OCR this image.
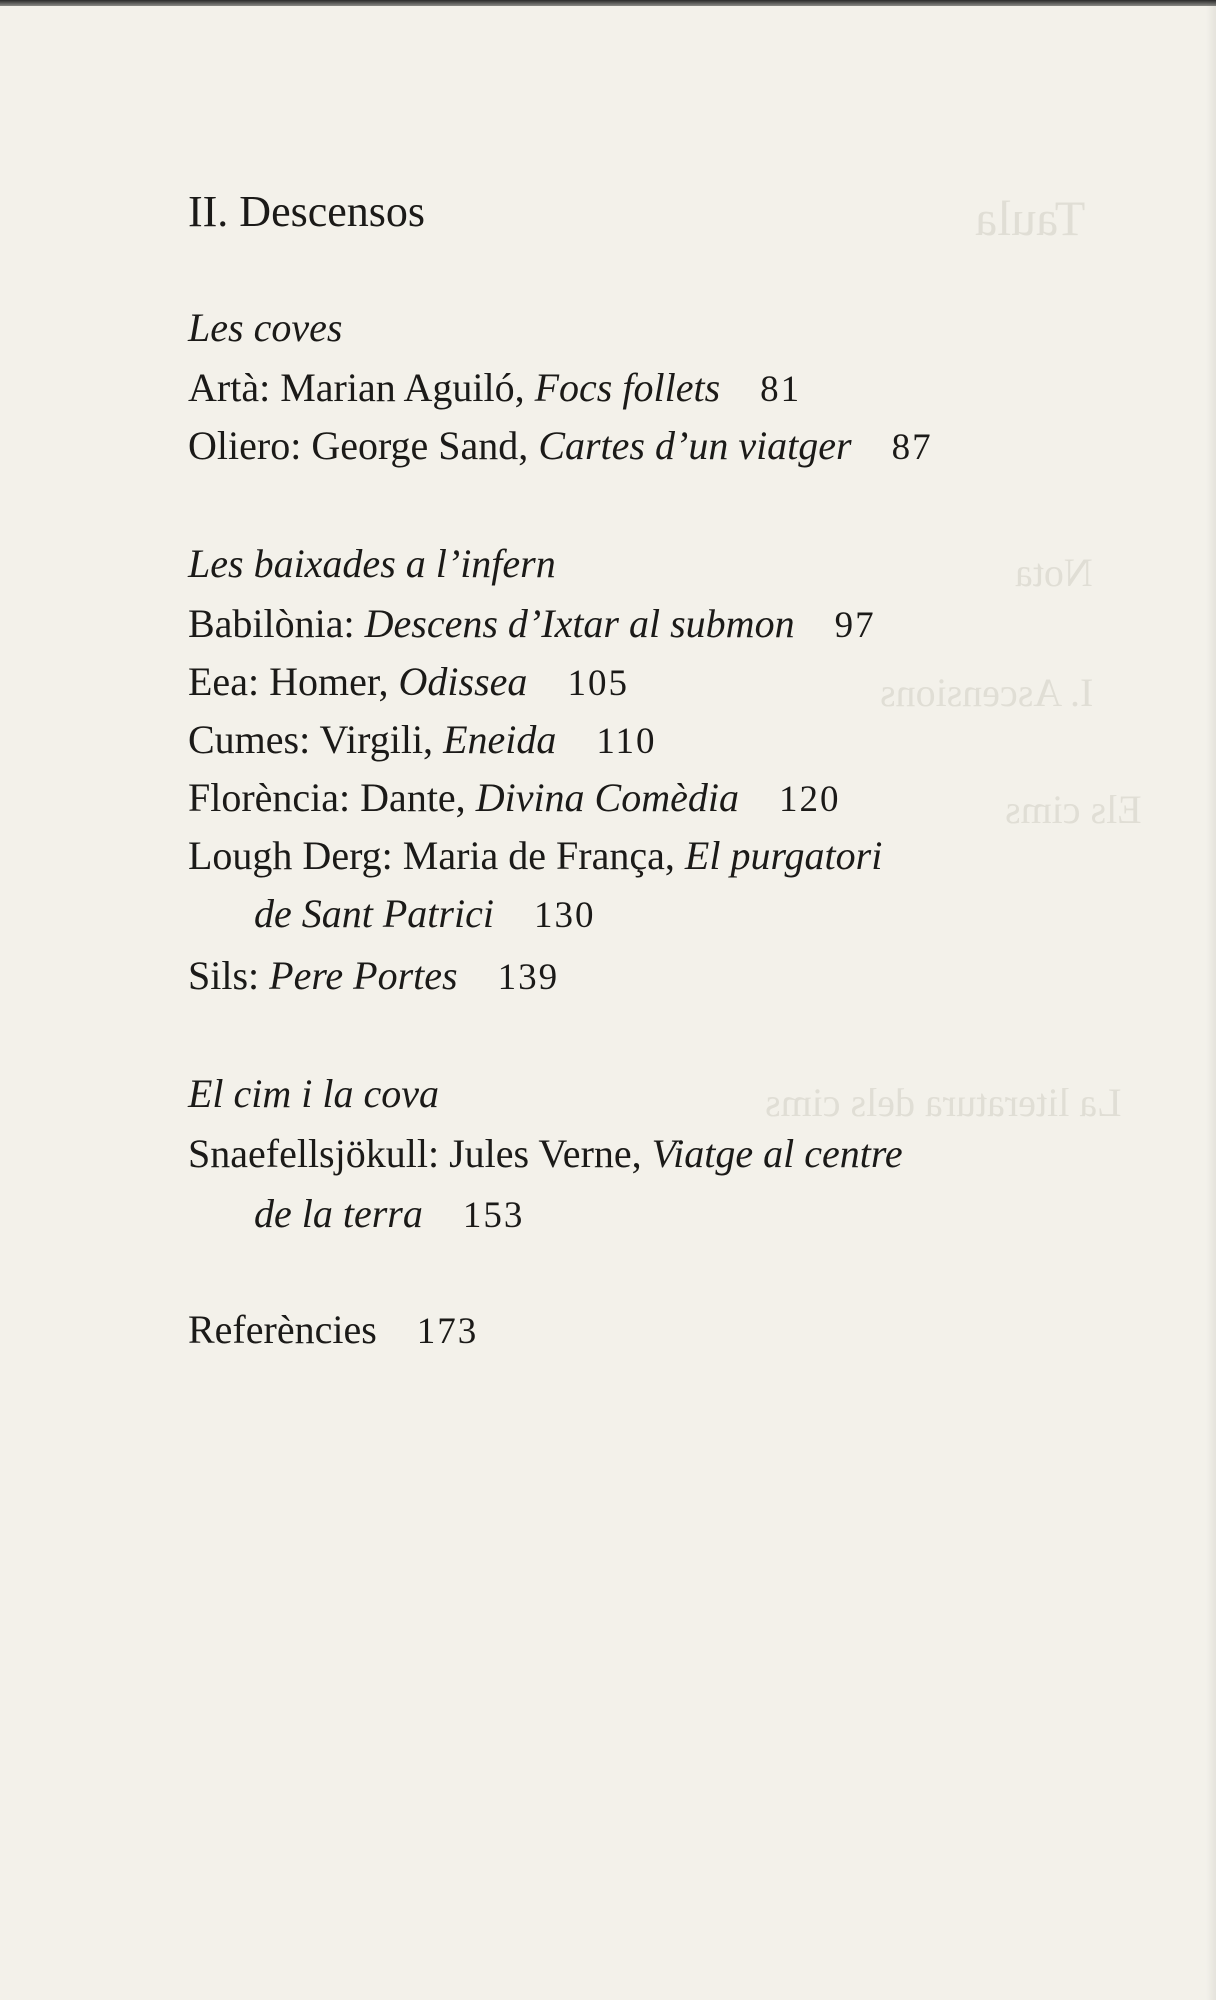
Taula
Nota
I. Ascensions
Els cims
La literatura dels cims
II. Descensos
Les coves
Artà: Marian Aguiló, Focs follets 81
Oliero: George Sand, Cartes d’un viatger 87
Les baixades a l’infern
Babilònia: Descens d’Ixtar al submon 97
Eea: Homer, Odissea 105
Cumes: Virgili, Eneida 110
Florència: Dante, Divina Comèdia 120
Lough Derg: Maria de França, El purgatori
de Sant Patrici 130
Sils: Pere Portes 139
El cim i la cova
Snaefellsjökull: Jules Verne, Viatge al centre
de la terra 153
Referències 173
